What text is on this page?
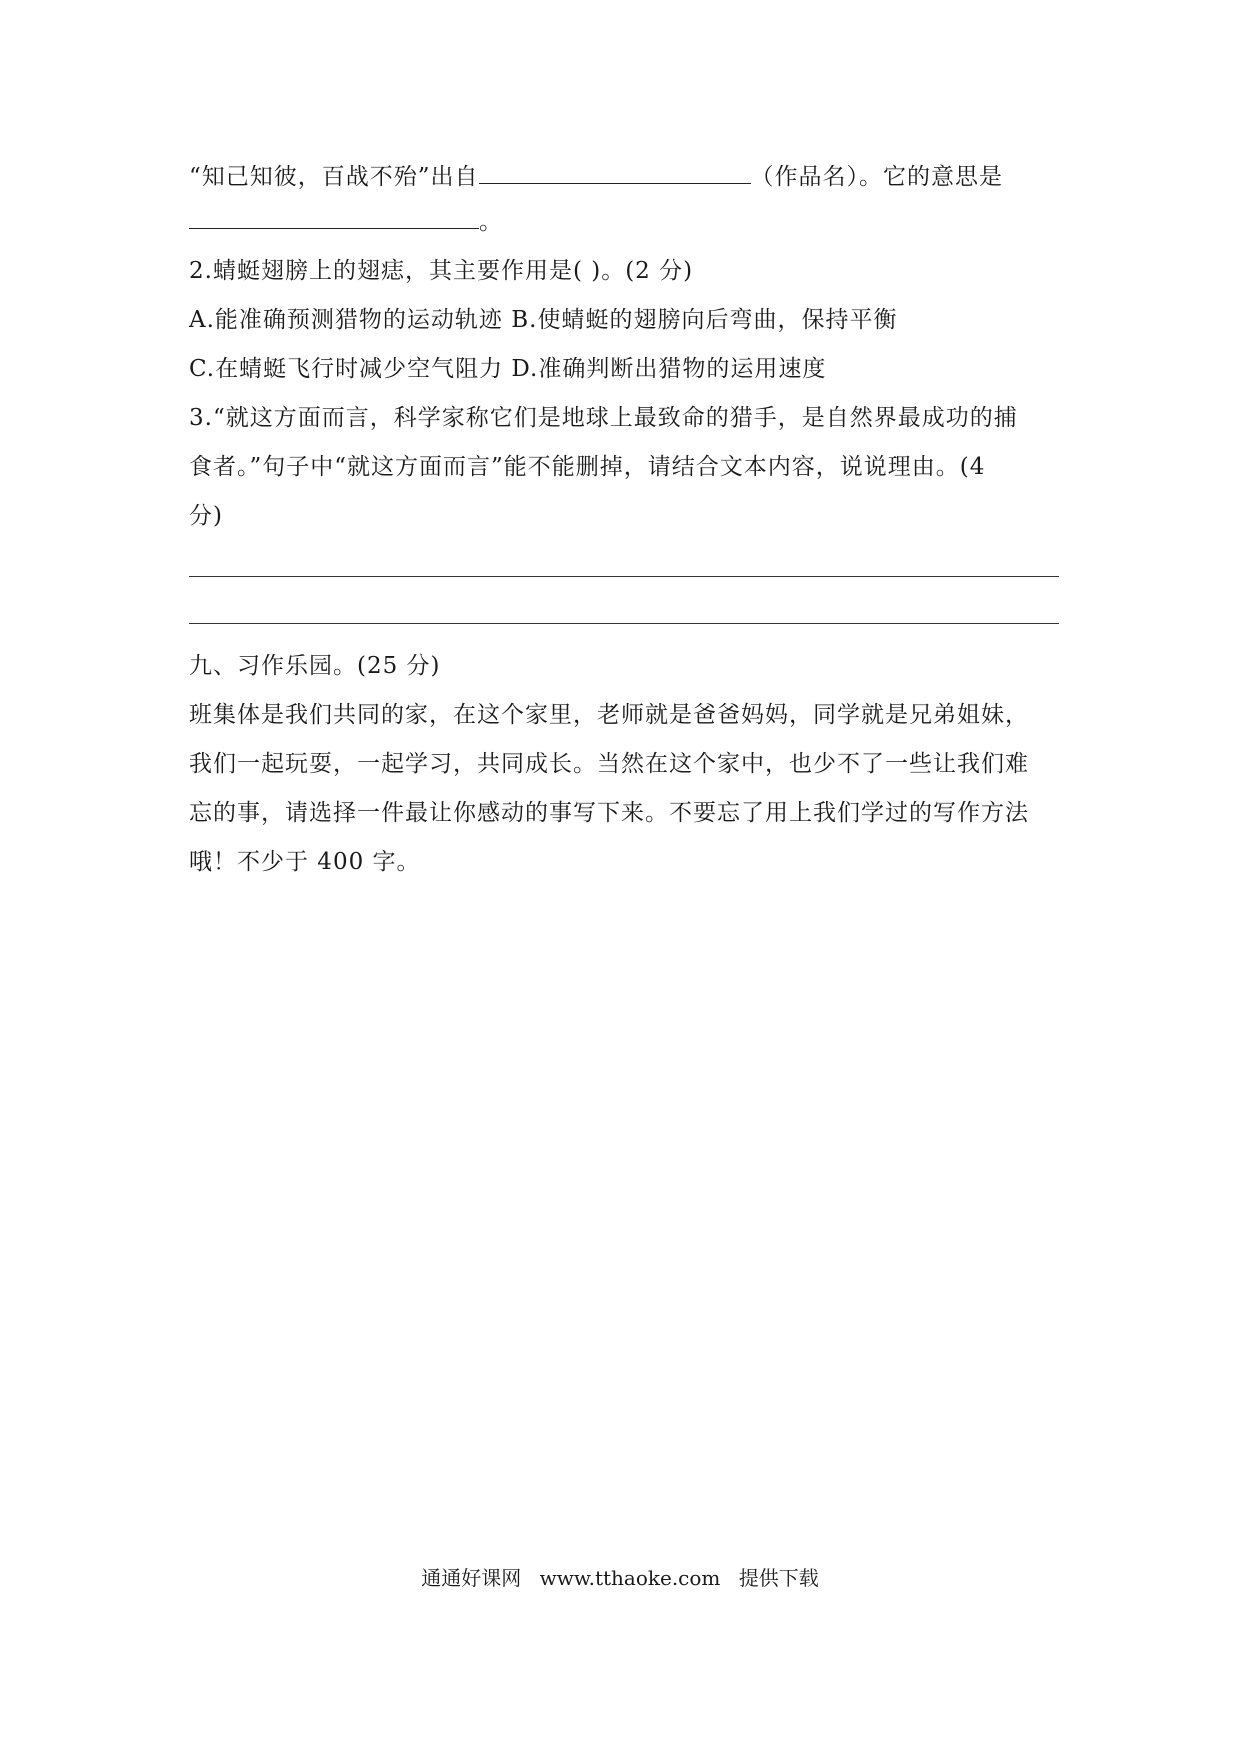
“知己知彼，百战不殆”出自	（作品名）。它的意思是
。
2.蜻蜓翅膀上的翅痣，其主要作用是( )。(2 分)
A.能准确预测猎物的运动轨迹 B.使蜻蜓的翅膀向后弯曲，保持平衡
C.在蜻蜓飞行时减少空气阻力 D.准确判断出猎物的运用速度
3.“就这方面而言，科学家称它们是地球上最致命的猎手，是自然界最成功的捕
食者。”句子中“就这方面而言”能不能删掉，请结合文本内容，说说理由。(4
分)
九、习作乐园。(25 分)
班集体是我们共同的家，在这个家里，老师就是爸爸妈妈，同学就是兄弟姐妹，
我们一起玩耍，一起学习，共同成长。当然在这个家中，也少不了一些让我们难
忘的事，请选择一件最让你感动的事写下来。不要忘了用上我们学过的写作方法
哦！不少于 400 字。
通通好课网 www.tthaoke.com 提供下载
